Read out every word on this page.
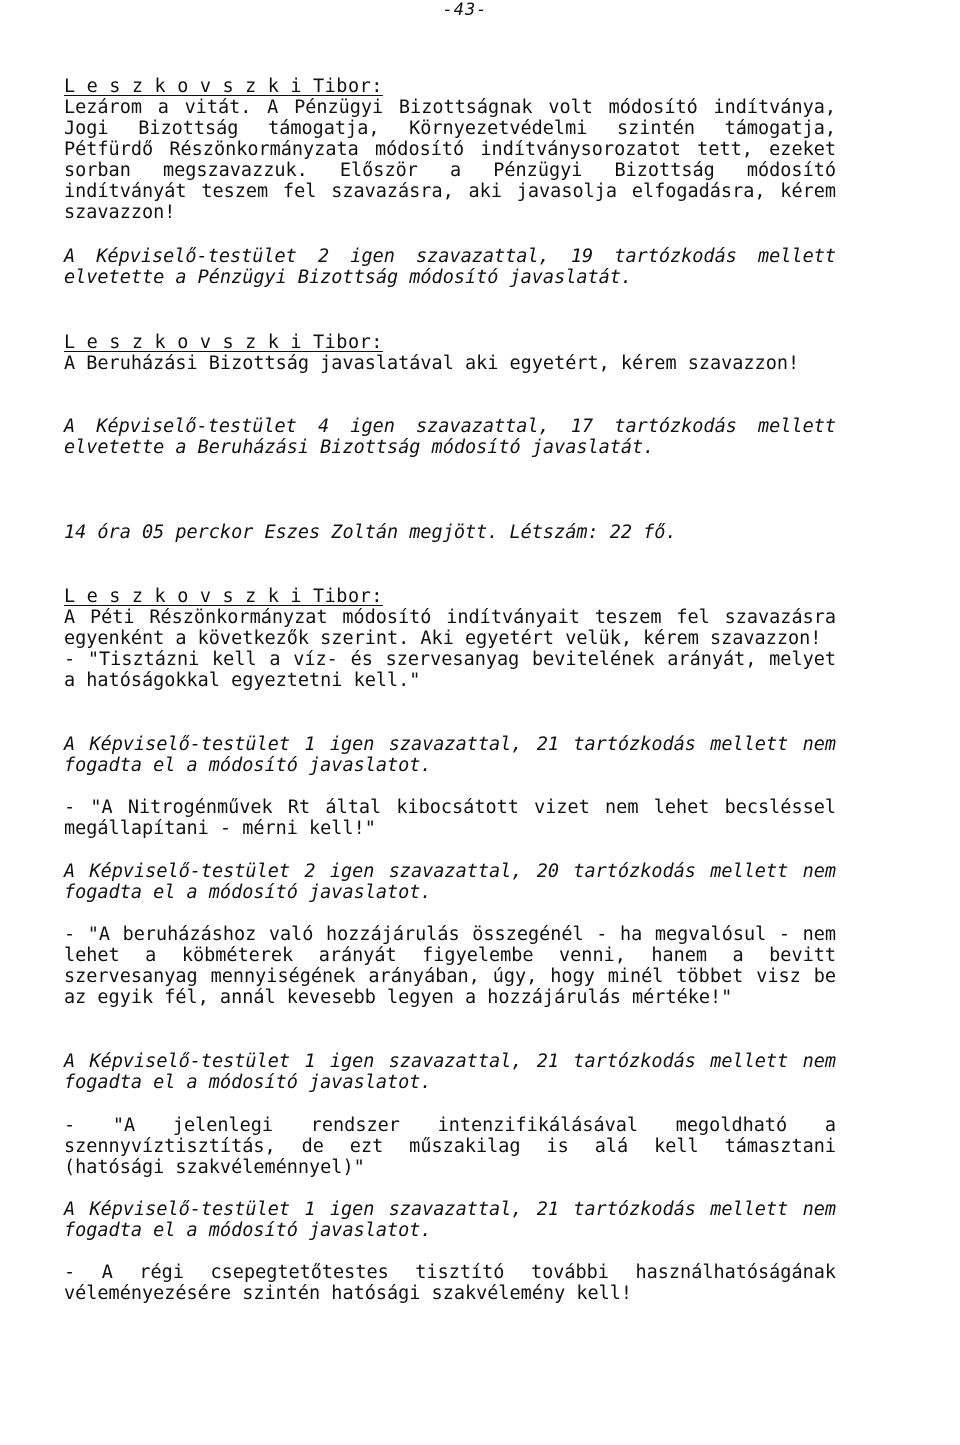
-43-
LeszkovszkiTibor:
Lezárom a vitát. A Pénzügyi Bizottságnak volt módosító indítványa, Jogi Bizottság támogatja, Környezetvédelmi szintén támogatja, Pétfürdő Részönkormányzata módosító indítványsorozatot tett, ezeket sorban megszavazzuk. Először a Pénzügyi Bizottság módosító indítványát teszem fel szavazásra, aki javasolja elfogadásra, kérem szavazzon!
A Képviselő-testület 2 igen szavazattal, 19 tartózkodás mellett elvetette a Pénzügyi Bizottság módosító javaslatát.
LeszkovszkiTibor:
A Beruházási Bizottság javaslatával aki egyetért, kérem szavazzon!
A Képviselő-testület 4 igen szavazattal, 17 tartózkodás mellett elvetette a Beruházási Bizottság módosító javaslatát.
14 óra 05 perckor Eszes Zoltán megjött. Létszám: 22 fő.
LeszkovszkiTibor:
A Péti Részönkormányzat módosító indítványait teszem fel szavazásra egyenként a következők szerint. Aki egyetért velük, kérem szavazzon!
- "Tisztázni kell a víz- és szervesanyag bevitelének arányát, melyet a hatóságokkal egyeztetni kell."
A Képviselő-testület 1 igen szavazattal, 21 tartózkodás mellett nem fogadta el a módosító javaslatot.
- "A Nitrogénművek Rt által kibocsátott vizet nem lehet becsléssel megállapítani - mérni kell!"
A Képviselő-testület 2 igen szavazattal, 20 tartózkodás mellett nem fogadta el a módosító javaslatot.
- "A beruházáshoz való hozzájárulás összegénél - ha megvalósul - nem lehet a köbméterek arányát figyelembe venni, hanem a bevitt szervesanyag mennyiségének arányában, úgy, hogy minél többet visz be az egyik fél, annál kevesebb legyen a hozzájárulás mértéke!"
A Képviselő-testület 1 igen szavazattal, 21 tartózkodás mellett nem fogadta el a módosító javaslatot.
- "A jelenlegi rendszer intenzifikálásával megoldható a szennyvíztisztítás, de ezt műszakilag is alá kell támasztani (hatósági szakvéleménnyel)"
A Képviselő-testület 1 igen szavazattal, 21 tartózkodás mellett nem fogadta el a módosító javaslatot.
- A régi csepegtetőtestes tisztító további használhatóságának véleményezésére szintén hatósági szakvélemény kell!
